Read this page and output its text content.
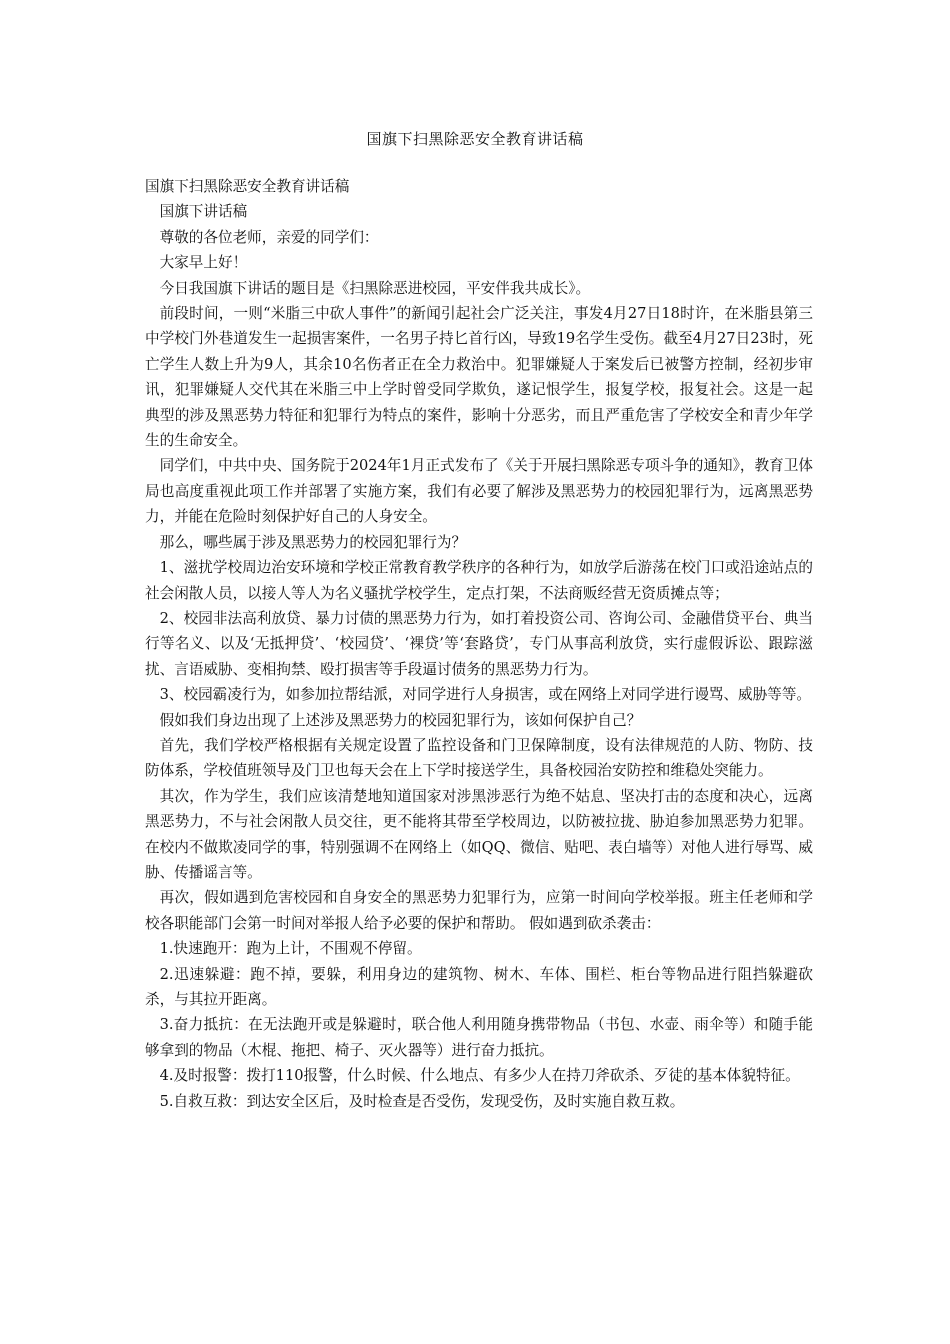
国旗下扫黑除恶安全教育讲话稿

国旗下扫黑除恶安全教育讲话稿

国旗下讲话稿

尊敬的各位老师，亲爱的同学们：

大家早上好！

今日我国旗下讲话的题目是《扫黑除恶进校园，平安伴我共成长》。

前段时间，一则“米脂三中砍人事件”的新闻引起社会广泛关注，事发4月27日18时许，在米脂县第三中学校门外巷道发生一起损害案件，一名男子持匕首行凶，导致19名学生受伤。截至4月27日23时，死亡学生人数上升为9人，其余10名伤者正在全力救治中。犯罪嫌疑人于案发后已被警方控制，经初步审讯，犯罪嫌疑人交代其在米脂三中上学时曾受同学欺负，遂记恨学生，报复学校，报复社会。这是一起典型的涉及黑恶势力特征和犯罪行为特点的案件，影响十分恶劣，而且严重危害了学校安全和青少年学生的生命安全。

同学们，中共中央、国务院于2024年1月正式发布了《关于开展扫黑除恶专项斗争的通知》，教育卫体局也高度重视此项工作并部署了实施方案，我们有必要了解涉及黑恶势力的校园犯罪行为，远离黑恶势力，并能在危险时刻保护好自己的人身安全。

那么，哪些属于涉及黑恶势力的校园犯罪行为？

1、滋扰学校周边治安环境和学校正常教育教学秩序的各种行为，如放学后游荡在校门口或沿途站点的社会闲散人员，以接人等人为名义骚扰学校学生，定点打架，不法商贩经营无资质摊点等；

2、校园非法高利放贷、暴力讨债的黑恶势力行为，如打着投资公司、咨询公司、金融借贷平台、典当行等名义、以及‘无抵押贷’、‘校园贷’、‘裸贷’等‘套路贷’，专门从事高利放贷，实行虚假诉讼、跟踪滋扰、言语威胁、变相拘禁、殴打损害等手段逼讨债务的黑恶势力行为。

3、校园霸凌行为，如参加拉帮结派，对同学进行人身损害，或在网络上对同学进行谩骂、威胁等等。

假如我们身边出现了上述涉及黑恶势力的校园犯罪行为，该如何保护自己？

首先，我们学校严格根据有关规定设置了监控设备和门卫保障制度，设有法律规范的人防、物防、技防体系，学校值班领导及门卫也每天会在上下学时接送学生，具备校园治安防控和维稳处突能力。

其次，作为学生，我们应该清楚地知道国家对涉黑涉恶行为绝不姑息、坚决打击的态度和决心，远离黑恶势力，不与社会闲散人员交往，更不能将其带至学校周边，以防被拉拢、胁迫参加黑恶势力犯罪。在校内不做欺凌同学的事，特别强调不在网络上（如QQ、微信、贴吧、表白墙等）对他人进行辱骂、威胁、传播谣言等。

再次，假如遇到危害校园和自身安全的黑恶势力犯罪行为，应第一时间向学校举报。班主任老师和学校各职能部门会第一时间对举报人给予必要的保护和帮助。 假如遇到砍杀袭击：

1.快速跑开：跑为上计，不围观不停留。

2.迅速躲避：跑不掉，要躲，利用身边的建筑物、树木、车体、围栏、柜台等物品进行阻挡躲避砍杀，与其拉开距离。

3.奋力抵抗：在无法跑开或是躲避时，联合他人利用随身携带物品（书包、水壶、雨伞等）和随手能够拿到的物品（木棍、拖把、椅子、灭火器等）进行奋力抵抗。

4.及时报警：拨打110报警，什么时候、什么地点、有多少人在持刀斧砍杀、歹徒的基本体貌特征。

5.自救互救：到达安全区后，及时检查是否受伤，发现受伤，及时实施自救互救。
